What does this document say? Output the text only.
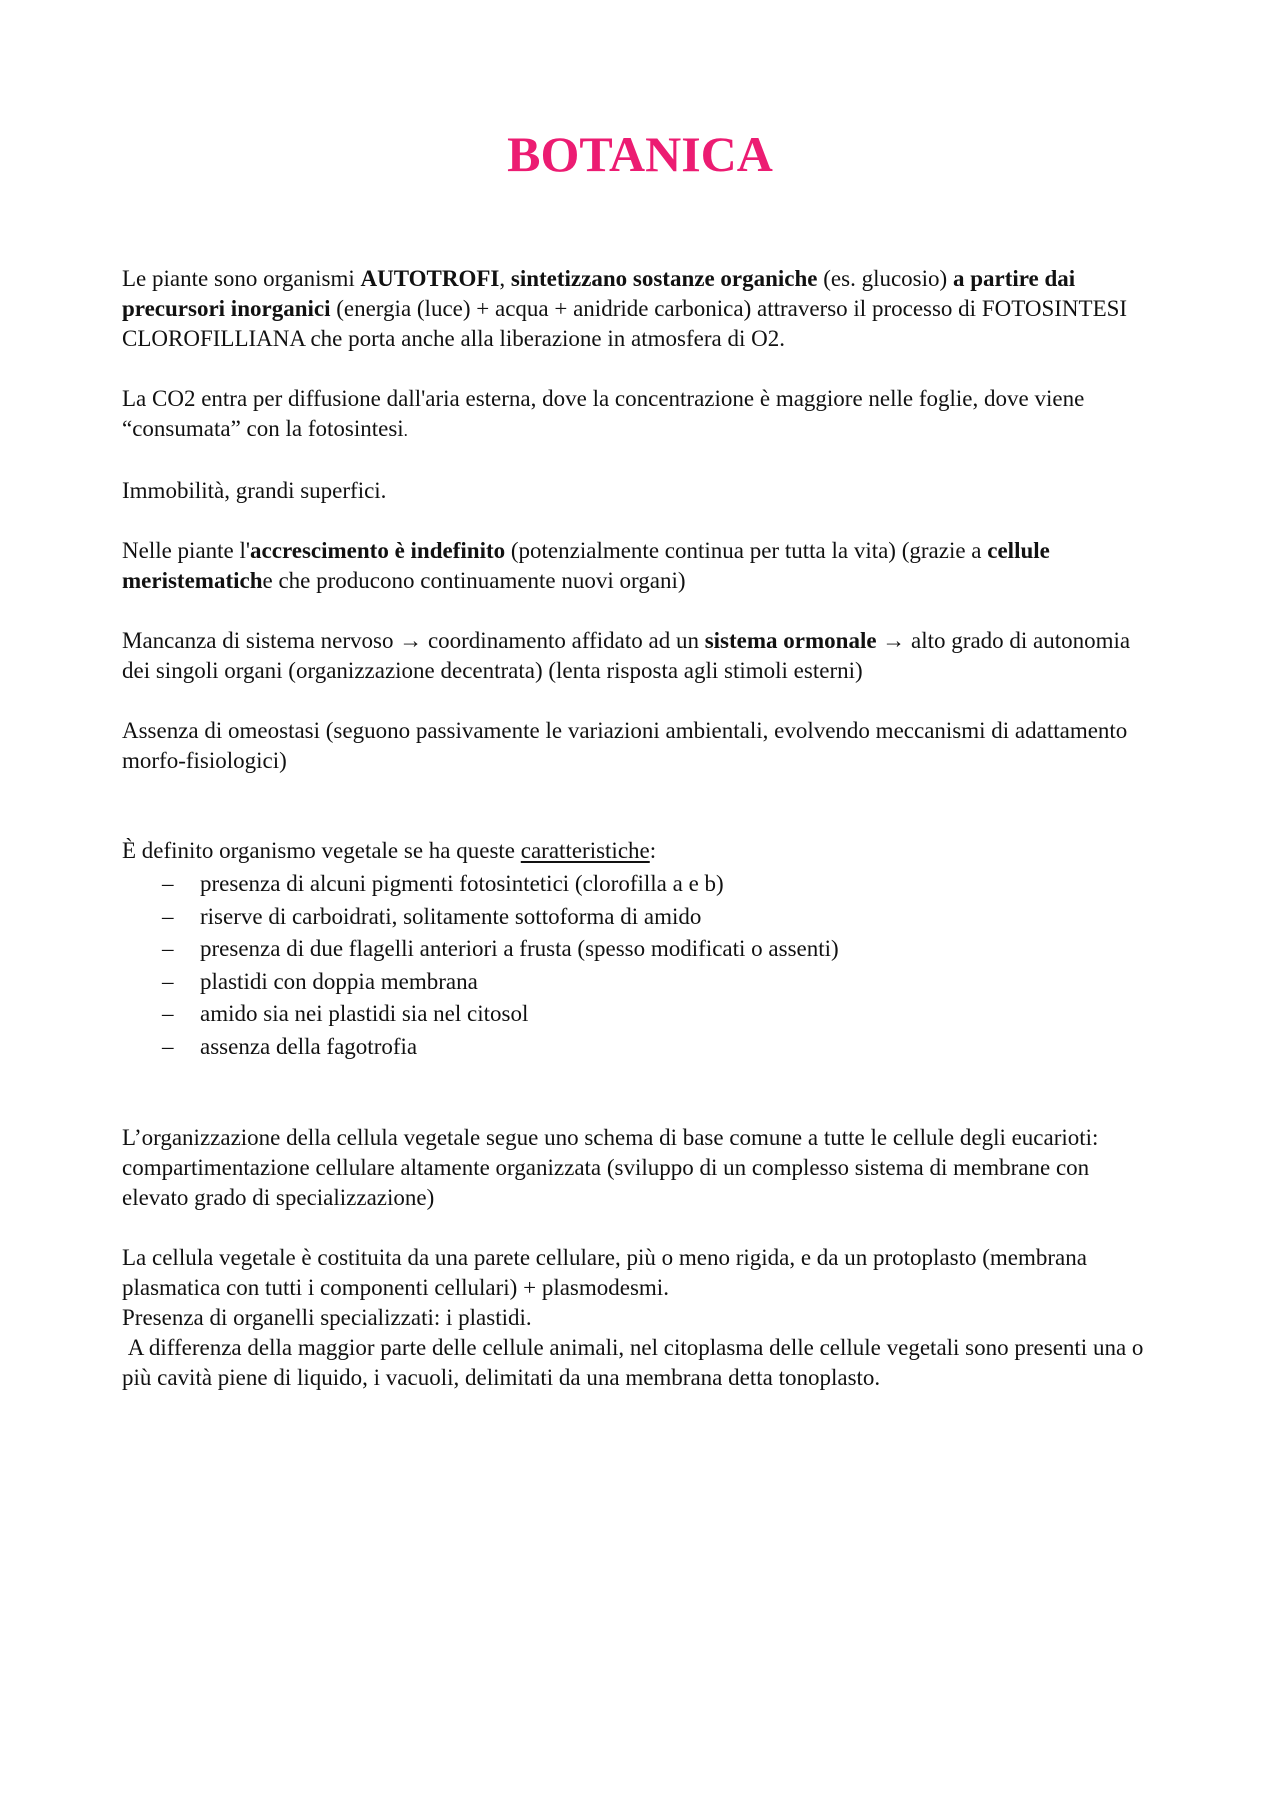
BOTANICA

Le piante sono organismi AUTOTROFI, sintetizzano sostanze organiche (es. glucosio) a partire dai precursori inorganici (energia (luce) + acqua + anidride carbonica) attraverso il processo di FOTOSINTESI CLOROFILLIANA che porta anche alla liberazione in atmosfera di O2.

La CO2 entra per diffusione dall'aria esterna, dove la concentrazione è maggiore nelle foglie, dove viene “consumata” con la fotosintesi.

Immobilità, grandi superfici.

Nelle piante l'accrescimento è indefinito (potenzialmente continua per tutta la vita) (grazie a cellule meristematiche che producono continuamente nuovi organi)

Mancanza di sistema nervoso → coordinamento affidato ad un sistema ormonale → alto grado di autonomia dei singoli organi (organizzazione decentrata) (lenta risposta agli stimoli esterni)

Assenza di omeostasi (seguono passivamente le variazioni ambientali, evolvendo meccanismi di adattamento morfo-fisiologici)

È definito organismo vegetale se ha queste caratteristiche:

– presenza di alcuni pigmenti fotosintetici (clorofilla a e b)
– riserve di carboidrati, solitamente sottoforma di amido
– presenza di due flagelli anteriori a frusta (spesso modificati o assenti)
– plastidi con doppia membrana
– amido sia nei plastidi sia nel citosol
– assenza della fagotrofia

L’organizzazione della cellula vegetale segue uno schema di base comune a tutte le cellule degli eucarioti: compartimentazione cellulare altamente organizzata (sviluppo di un complesso sistema di membrane con elevato grado di specializzazione)

La cellula vegetale è costituita da una parete cellulare, più o meno rigida, e da un protoplasto (membrana plasmatica con tutti i componenti cellulari) + plasmodesmi.

Presenza di organelli specializzati: i plastidi.

A differenza della maggior parte delle cellule animali, nel citoplasma delle cellule vegetali sono presenti una o più cavità piene di liquido, i vacuoli, delimitati da una membrana detta tonoplasto.
